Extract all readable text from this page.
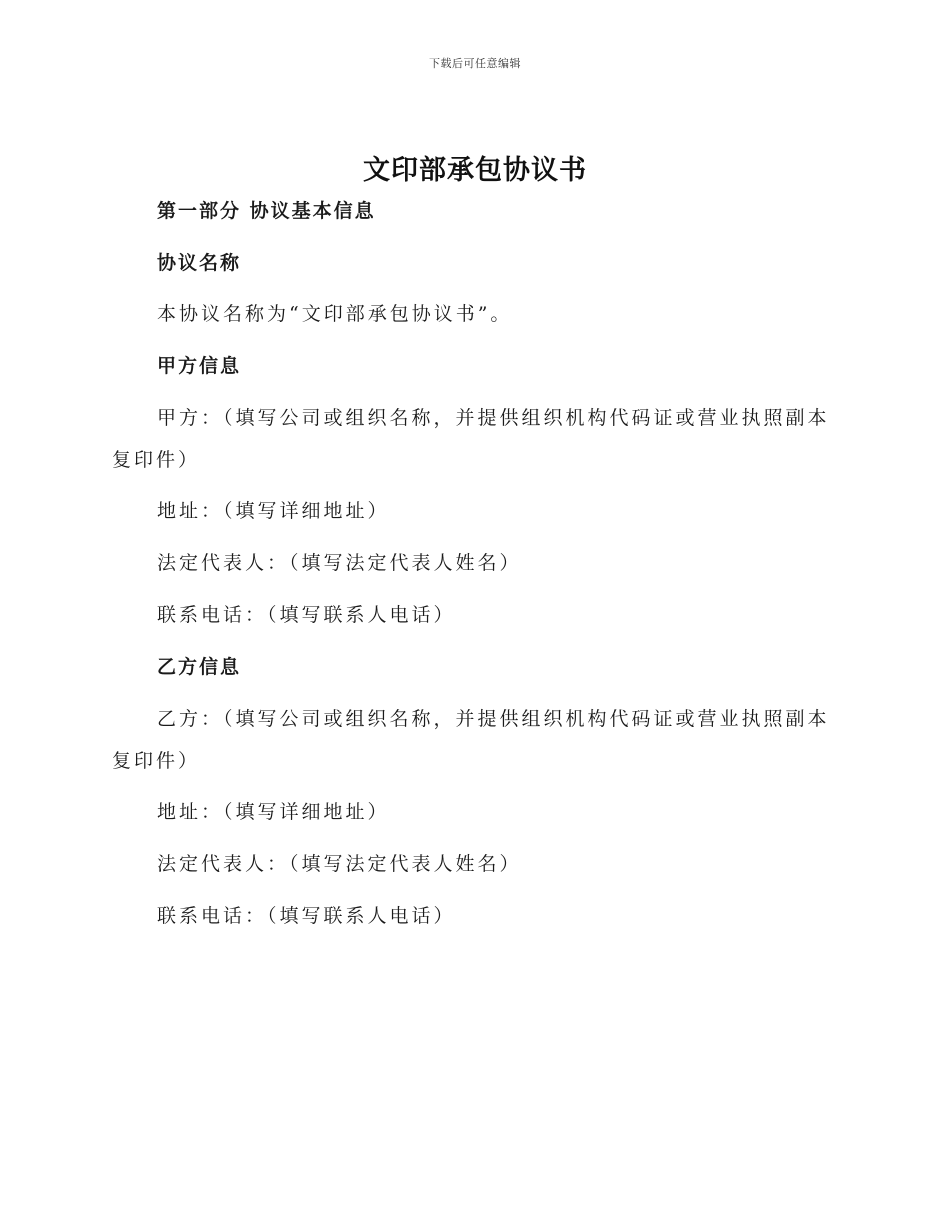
下载后可任意编辑
文印部承包协议书
第一部分 协议基本信息
协议名称
本协议名称为“文印部承包协议书”。
甲方信息
甲方：（填写公司或组织名称，并提供组织机构代码证或营业执照副本
复印件）
地址：（填写详细地址）
法定代表人：（填写法定代表人姓名）
联系电话：（填写联系人电话）
乙方信息
乙方：（填写公司或组织名称，并提供组织机构代码证或营业执照副本
复印件）
地址：（填写详细地址）
法定代表人：（填写法定代表人姓名）
联系电话：（填写联系人电话）
